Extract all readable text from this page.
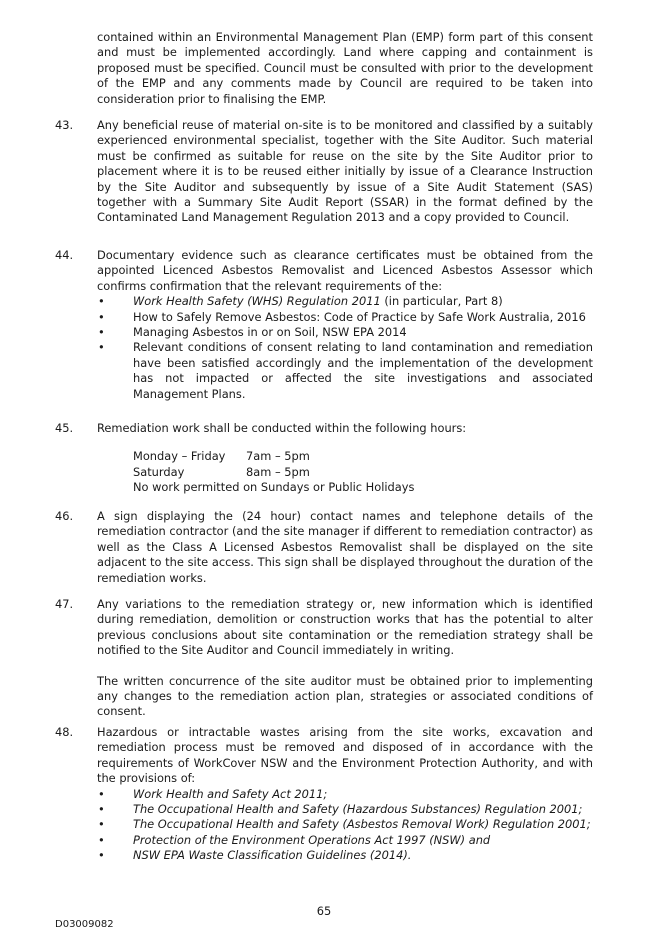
contained within an Environmental Management Plan (EMP) form part of this consent and must be implemented accordingly. Land where capping and containment is proposed must be specified. Council must be consulted with prior to the development of the EMP and any comments made by Council are required to be taken into consideration prior to finalising the EMP.

43. Any beneficial reuse of material on-site is to be monitored and classified by a suitably experienced environmental specialist, together with the Site Auditor. Such material must be confirmed as suitable for reuse on the site by the Site Auditor prior to placement where it is to be reused either initially by issue of a Clearance Instruction by the Site Auditor and subsequently by issue of a Site Audit Statement (SAS) together with a Summary Site Audit Report (SSAR) in the format defined by the Contaminated Land Management Regulation 2013 and a copy provided to Council.

44. Documentary evidence such as clearance certificates must be obtained from the appointed Licenced Asbestos Removalist and Licenced Asbestos Assessor which confirms confirmation that the relevant requirements of the:

• Work Health Safety (WHS) Regulation 2011 (in particular, Part 8)
• How to Safely Remove Asbestos: Code of Practice by Safe Work Australia, 2016
• Managing Asbestos in or on Soil, NSW EPA 2014
• Relevant conditions of consent relating to land contamination and remediation have been satisfied accordingly and the implementation of the development has not impacted or affected the site investigations and associated Management Plans.
45. Remediation work shall be conducted within the following hours:

Monday – Friday	7am – 5pm
Saturday	8am – 5pm
No work permitted on Sundays or Public Holidays	
46. A sign displaying the (24 hour) contact names and telephone details of the remediation contractor (and the site manager if different to remediation contractor) as well as the Class A Licensed Asbestos Removalist shall be displayed on the site adjacent to the site access. This sign shall be displayed throughout the duration of the remediation works.

47. Any variations to the remediation strategy or, new information which is identified during remediation, demolition or construction works that has the potential to alter previous conclusions about site contamination or the remediation strategy shall be notified to the Site Auditor and Council immediately in writing.

The written concurrence of the site auditor must be obtained prior to implementing any changes to the remediation action plan, strategies or associated conditions of consent.

48. Hazardous or intractable wastes arising from the site works, excavation and remediation process must be removed and disposed of in accordance with the requirements of WorkCover NSW and the Environment Protection Authority, and with the provisions of:

• Work Health and Safety Act 2011;
• The Occupational Health and Safety (Hazardous Substances) Regulation 2001;
• The Occupational Health and Safety (Asbestos Removal Work) Regulation 2001;
• Protection of the Environment Operations Act 1997 (NSW) and
• NSW EPA Waste Classification Guidelines (2014).
65
D03009082
